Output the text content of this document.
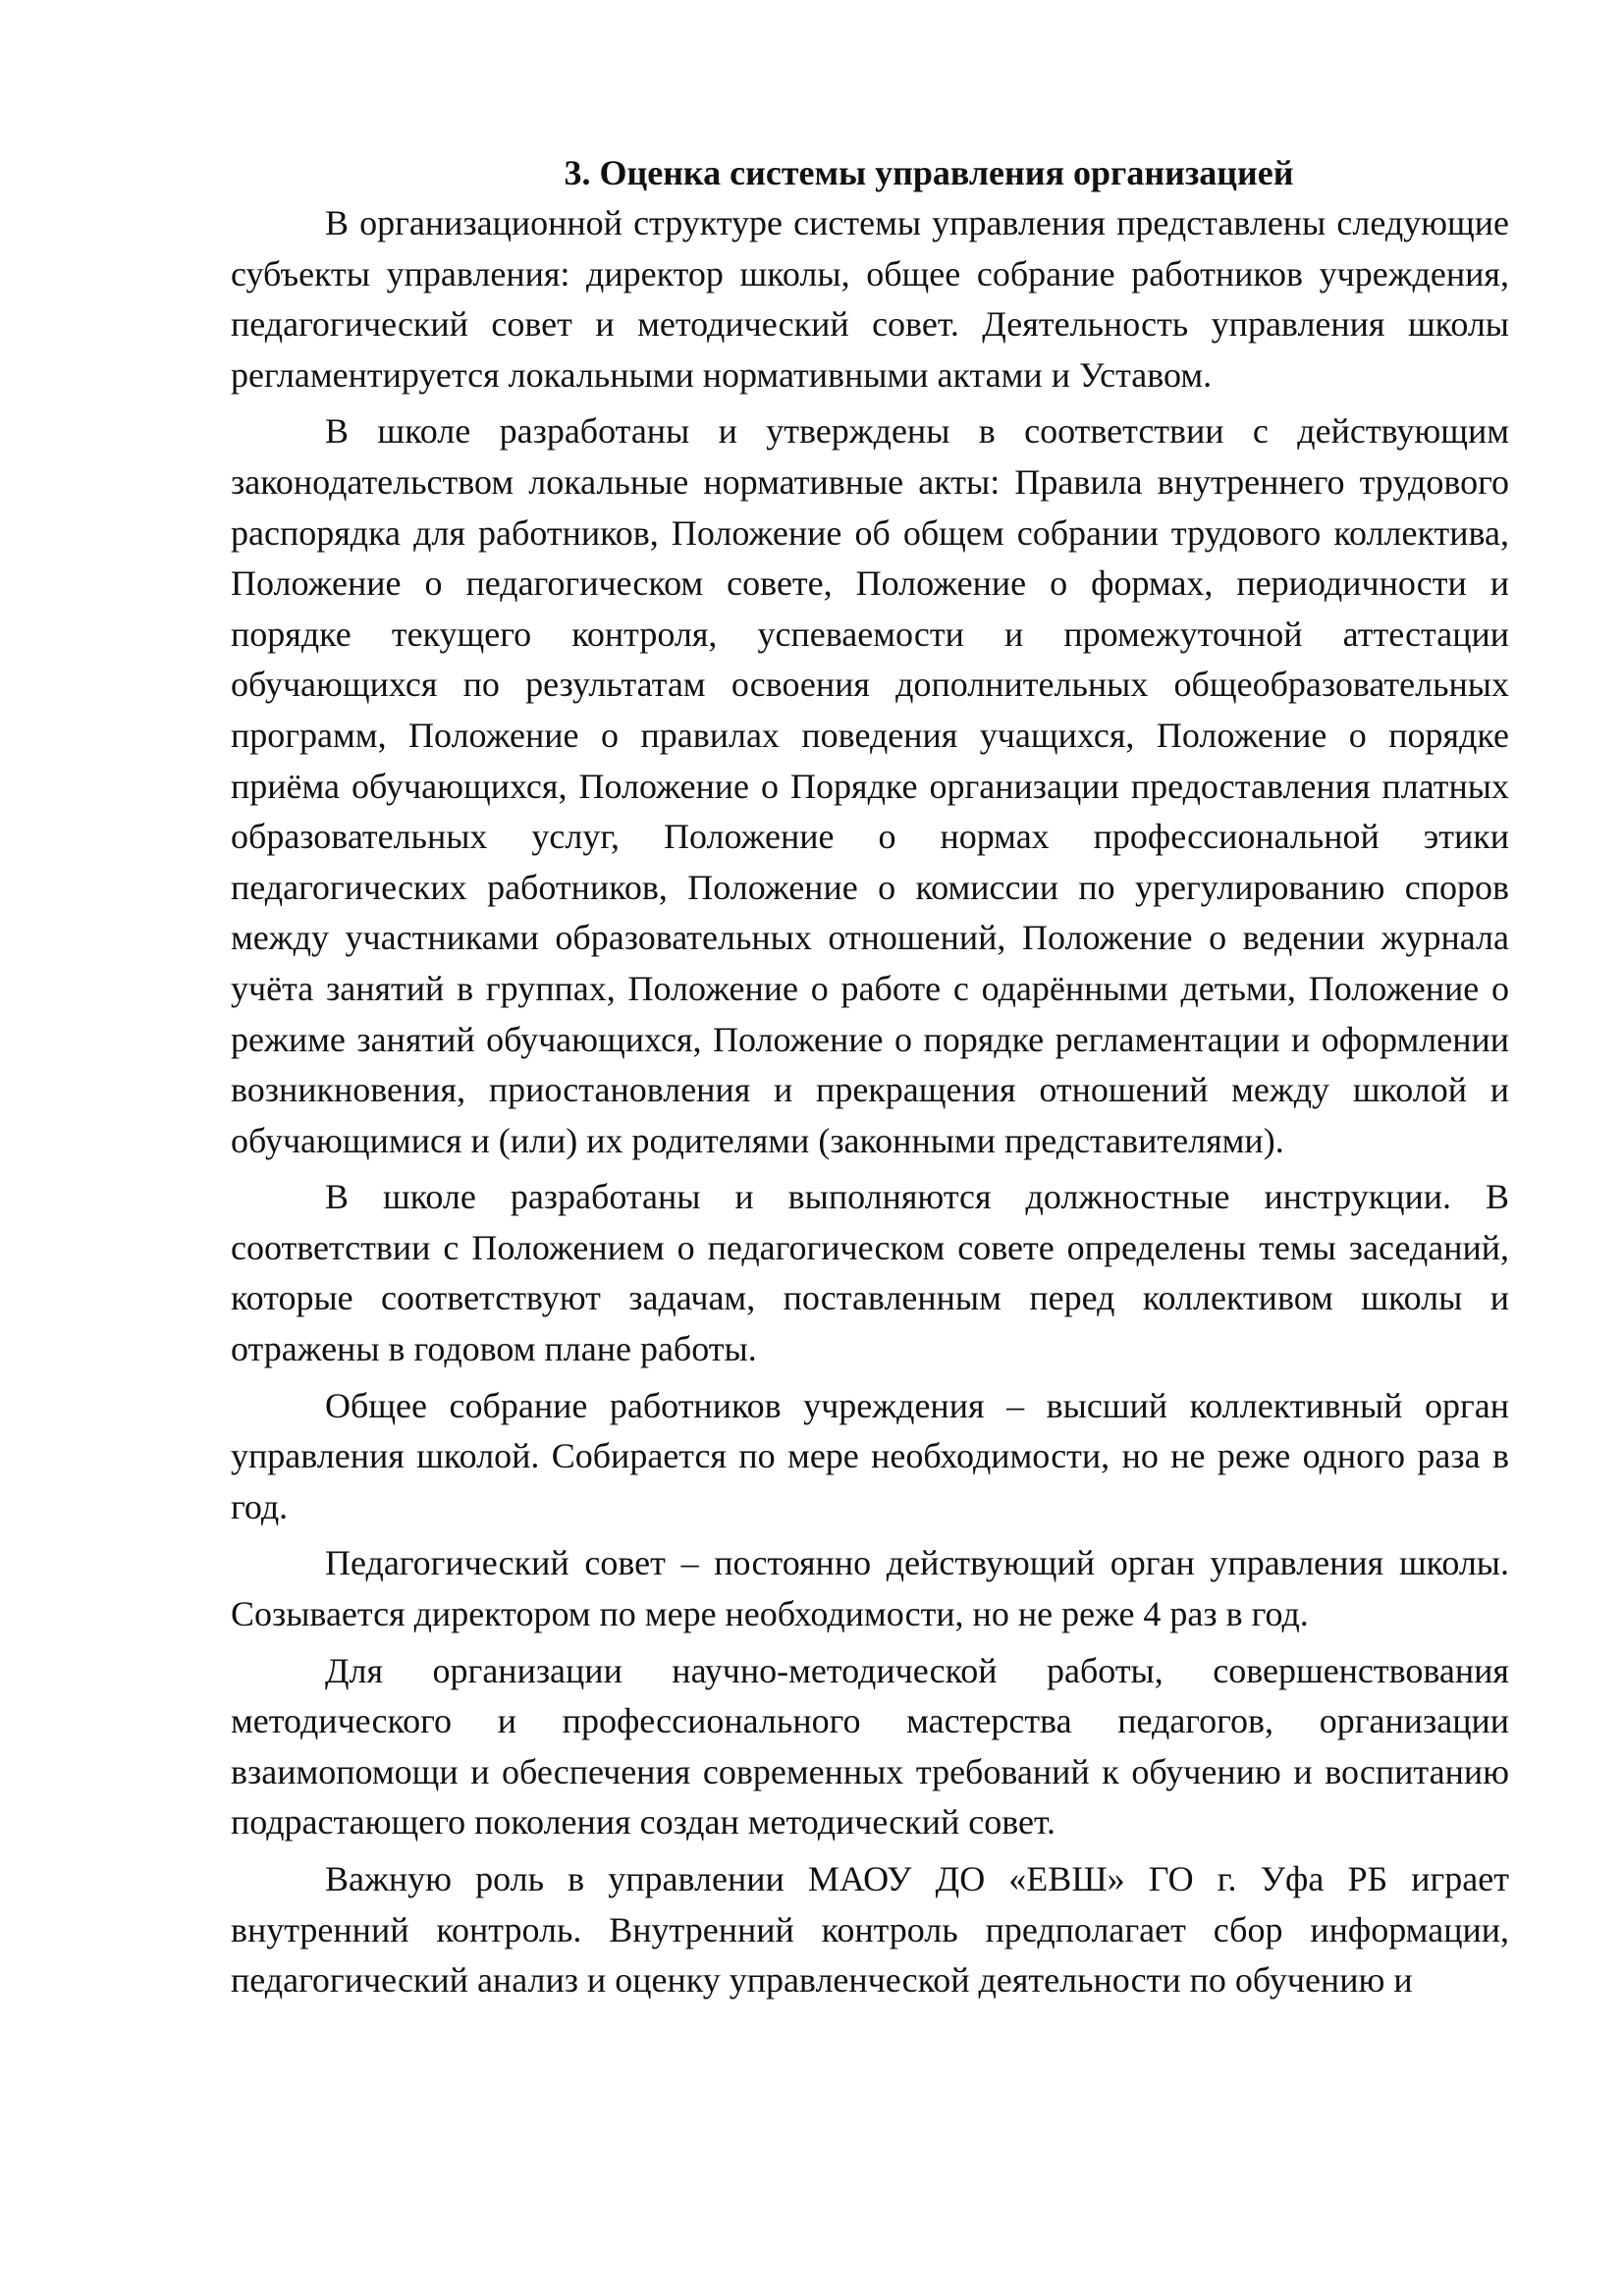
3. Оценка системы управления организацией

В организационной структуре системы управления представлены следующие субъекты управления: директор школы, общее собрание работников учреждения, педагогический совет и методический совет. Деятельность управления школы регламентируется локальными нормативными актами и Уставом.

В школе разработаны и утверждены в соответствии с действующим законодательством локальные нормативные акты: Правила внутреннего трудового распорядка для работников, Положение об общем собрании трудового коллектива, Положение о педагогическом совете, Положение о формах, периодичности и порядке текущего контроля, успеваемости и промежуточной аттестации обучающихся по результатам освоения дополнительных общеобразовательных программ, Положение о правилах поведения учащихся, Положение о порядке приёма обучающихся, Положение о Порядке организации предоставления платных образовательных услуг, Положение о нормах профессиональной этики педагогических работников, Положение о комиссии по урегулированию споров между участниками образовательных отношений, Положение о ведении журнала учёта занятий в группах, Положение о работе с одарёнными детьми, Положение о режиме занятий обучающихся, Положение о порядке регламентации и оформлении возникновения, приостановления и прекращения отношений между школой и обучающимися и (или) их родителями (законными представителями).

В школе разработаны и выполняются должностные инструкции. В соответствии с Положением о педагогическом совете определены темы заседаний, которые соответствуют задачам, поставленным перед коллективом школы и отражены в годовом плане работы.

Общее собрание работников учреждения – высший коллективный орган управления школой. Собирается по мере необходимости, но не реже одного раза в год.

Педагогический совет – постоянно действующий орган управления школы. Созывается директором по мере необходимости, но не реже 4 раз в год.

Для организации научно-методической работы, совершенствования методического и профессионального мастерства педагогов, организации взаимопомощи и обеспечения современных требований к обучению и воспитанию подрастающего поколения создан методический совет.

Важную роль в управлении МАОУ ДО «ЕВШ» ГО г. Уфа РБ играет внутренний контроль. Внутренний контроль предполагает сбор информации, педагогический анализ и оценку управленческой деятельности по обучению и
